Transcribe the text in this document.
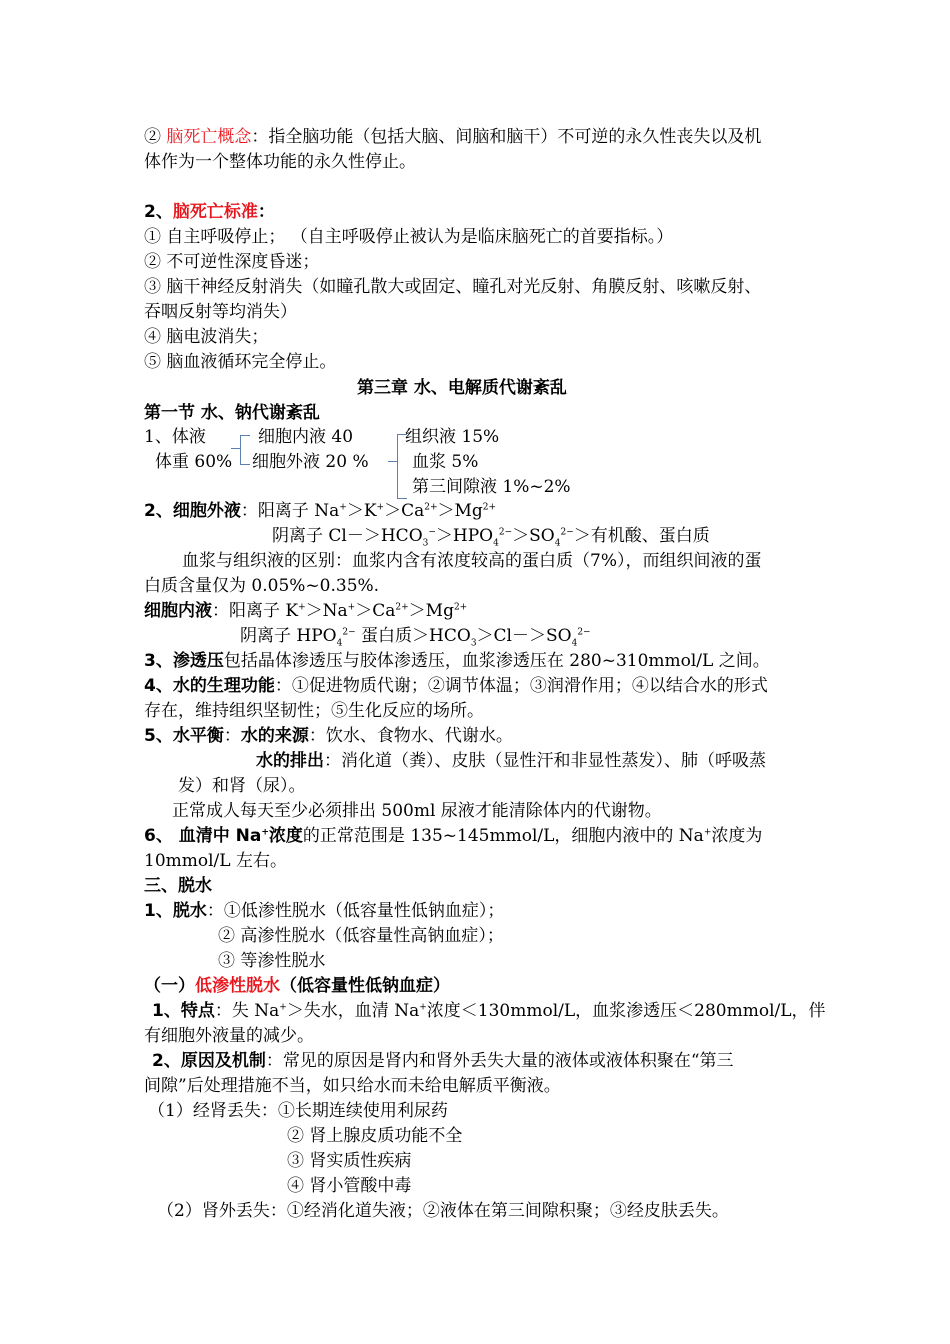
② 脑死亡概念：指全脑功能（包括大脑、间脑和脑干）不可逆的永久性丧失以及机
体作为一个整体功能的永久性停止。
2、脑死亡标准：
① 自主呼吸停止； （自主呼吸停止被认为是临床脑死亡的首要指标。）
② 不可逆性深度昏迷；
③ 脑干神经反射消失（如瞳孔散大或固定、瞳孔对光反射、角膜反射、咳嗽反射、
吞咽反射等均消失）
④ 脑电波消失；
⑤ 脑血液循环完全停止。
第三章 水、电解质代谢紊乱
第一节 水、钠代谢紊乱
1、体液
体重 60%
细胞内液 40
细胞外液 20 %
组织液 15%
血浆 5%
第三间隙液 1%~2%
2、细胞外液：阳离子 $Na^+>K^+>Ca^{2+}>Mg^{2+}$
阴离子 $Cl->HCO_3^->HPO_4^{2-}>SO_4^{2-}>$有机酸、蛋白质
血浆与组织液的区别：血浆内含有浓度较高的蛋白质（7%），而组织间液的蛋
白质含量仅为 0.05%~0.35%.
细胞内液：阳离子 $K^+>Na^+>Ca^{2+}>Mg^{2+}$
阴离子 $HPO_4^{2-}$ 蛋白质$>HCO_3>Cl->SO_4^{2-}$
3、渗透压包括晶体渗透压与胶体渗透压，血浆渗透压在 280~310mmol/L 之间。
4、水的生理功能：①促进物质代谢；②调节体温；③润滑作用；④以结合水的形式
存在，维持组织坚韧性；⑤生化反应的场所。
5、水平衡：水的来源：饮水、食物水、代谢水。
水的排出：消化道（粪）、皮肤（显性汗和非显性蒸发）、肺（呼吸蒸
发）和肾（尿）。
正常成人每天至少必须排出 500ml 尿液才能清除体内的代谢物。
6、 血清中 Na+浓度的正常范围是 135~145mmol/L，细胞内液中的 Na+浓度为
10mmol/L 左右。
三、脱水
1、脱水：①低渗性脱水（低容量性低钠血症）；
② 高渗性脱水（低容量性高钠血症）；
③ 等渗性脱水
（一）低渗性脱水（低容量性低钠血症）
1、特点：失 Na+＞失水，血清 Na+浓度＜130mmol/L，血浆渗透压＜280mmol/L，伴
有细胞外液量的减少。
2、原因及机制：常见的原因是肾内和肾外丢失大量的液体或液体积聚在“第三
间隙”后处理措施不当，如只给水而未给电解质平衡液。
（1）经肾丢失：①长期连续使用利尿药
② 肾上腺皮质功能不全
③ 肾实质性疾病
④ 肾小管酸中毒
（2）肾外丢失：①经消化道失液；②液体在第三间隙积聚；③经皮肤丢失。
